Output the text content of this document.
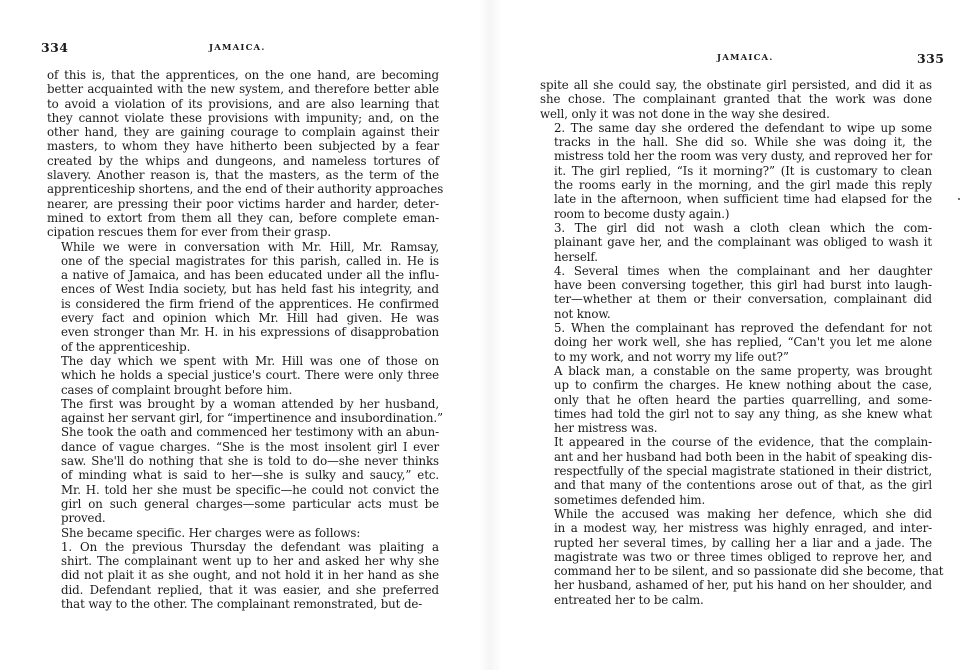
334	JAMAICA.

of this is, that the apprentices, on the one hand, are becoming
better acquainted with the new system, and therefore better able
to avoid a violation of its provisions, and are also learning that
they cannot violate these provisions with impunity; and, on the
other hand, they are gaining courage to complain against their
masters, to whom they have hitherto been subjected by a fear
created by the whips and dungeons, and nameless tortures of
slavery. Another reason is, that the masters, as the term of the
apprenticeship shortens, and the end of their authority approaches
nearer, are pressing their poor victims harder and harder, deter-
mined to extort from them all they can, before complete eman-
cipation rescues them for ever from their grasp.

While we were in conversation with Mr. Hill, Mr. Ramsay,
one of the special magistrates for this parish, called in. He is
a native of Jamaica, and has been educated under all the influ-
ences of West India society, but has held fast his integrity, and
is considered the firm friend of the apprentices. He confirmed
every fact and opinion which Mr. Hill had given. He was
even stronger than Mr. H. in his expressions of disapprobation
of the apprenticeship.

The day which we spent with Mr. Hill was one of those on
which he holds a special justice's court. There were only three
cases of complaint brought before him.

The first was brought by a woman attended by her husband,
against her servant girl, for “impertinence and insubordination.”
She took the oath and commenced her testimony with an abun-
dance of vague charges. “She is the most insolent girl I ever
saw. She'll do nothing that she is told to do—she never thinks
of minding what is said to her—she is sulky and saucy,” etc.
Mr. H. told her she must be specific—he could not convict the
girl on such general charges—some particular acts must be
proved.

She became specific. Her charges were as follows:

1. On the previous Thursday the defendant was plaiting a
shirt. The complainant went up to her and asked her why she
did not plait it as she ought, and not hold it in her hand as she
did. Defendant replied, that it was easier, and she preferred
that way to the other. The complainant remonstrated, but de-

JAMAICA.	335

spite all she could say, the obstinate girl persisted, and did it as
she chose. The complainant granted that the work was done
well, only it was not done in the way she desired.

2. The same day she ordered the defendant to wipe up some
tracks in the hall. She did so. While she was doing it, the
mistress told her the room was very dusty, and reproved her for
it. The girl replied, “Is it morning?” (It is customary to clean
the rooms early in the morning, and the girl made this reply
late in the afternoon, when sufficient time had elapsed for the
room to become dusty again.)

3. The girl did not wash a cloth clean which the com-
plainant gave her, and the complainant was obliged to wash it
herself.

4. Several times when the complainant and her daughter
have been conversing together, this girl had burst into laugh-
ter—whether at them or their conversation, complainant did
not know.

5. When the complainant has reproved the defendant for not
doing her work well, she has replied, “Can't you let me alone
to my work, and not worry my life out?”

A black man, a constable on the same property, was brought
up to confirm the charges. He knew nothing about the case,
only that he often heard the parties quarrelling, and some-
times had told the girl not to say any thing, as she knew what
her mistress was.

It appeared in the course of the evidence, that the complain-
ant and her husband had both been in the habit of speaking dis-
respectfully of the special magistrate stationed in their district,
and that many of the contentions arose out of that, as the girl
sometimes defended him.

While the accused was making her defence, which she did
in a modest way, her mistress was highly enraged, and inter-
rupted her several times, by calling her a liar and a jade. The
magistrate was two or three times obliged to reprove her, and
command her to be silent, and so passionate did she become, that
her husband, ashamed of her, put his hand on her shoulder, and
entreated her to be calm.
